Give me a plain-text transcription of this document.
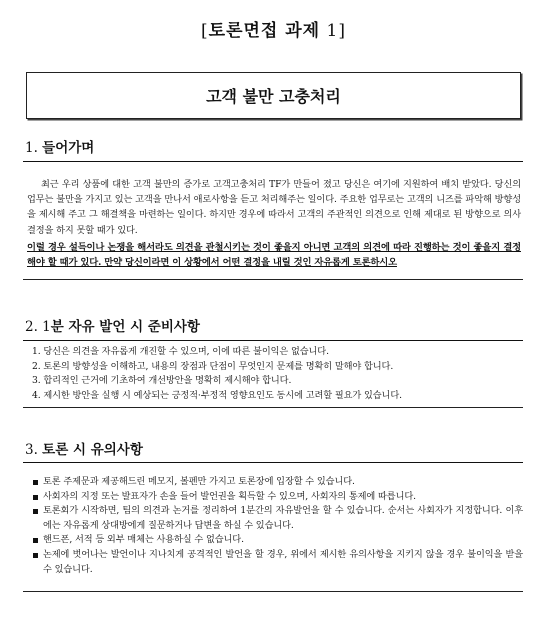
[토론면접 과제 1]
고객 불만 고충처리
1. 들어가며

최근 우리 상품에 대한 고객 불만의 증가로 고객고충처리 TF가 만들어 졌고 당신은 여기에 지원하여 배치 받았다. 당신의 업무는 불만을 가지고 있는 고객을 만나서 애로사항을 듣고 처리해주는 일이다. 주요한 업무로는 고객의 니즈를 파악해 방향성을 제시해 주고 그 해결책을 마련하는 일이다. 하지만 경우에 따라서 고객의 주관적인 의견으로 인해 제대로 된 방향으로 의사결정을 하지 못할 때가 있다.

이럴 경우 설득이나 논쟁을 해서라도 의견을 관철시키는 것이 좋을지 아니면 고객의 의견에 따라 진행하는 것이 좋을지 결정해야 할 때가 있다. 만약 당신이라면 이 상황에서 어떤 결정을 내릴 것인 자유롭게 토론하시오

2. 1분 자유 발언 시 준비사항
1. 당신은 의견을 자유롭게 개진할 수 있으며, 이에 따른 불이익은 없습니다.
2. 토론의 방향성을 이해하고, 내용의 장점과 단점이 무엇인지 문제를 명확히 말해야 합니다.
3. 합리적인 근거에 기초하여 개선방안을 명확히 제시해야 합니다.
4. 제시한 방안을 실행 시 예상되는 긍정적·부정적 영향요인도 동시에 고려할 필요가 있습니다.
3. 토론 시 유의사항
토론 주제문과 제공해드린 메모지, 볼펜만 가지고 토론장에 입장할 수 있습니다.
사회자의 지정 또는 발표자가 손을 들어 발언권을 획득할 수 있으며, 사회자의 통제에 따릅니다.
토론회가 시작하면, 팀의 의견과 논거를 정리하여 1분간의 자유발언을 할 수 있습니다. 순서는 사회자가 지정합니다. 이후에는 자유롭게 상대방에게 질문하거나 답변을 하실 수 있습니다.
핸드폰, 서적 등 외부 매체는 사용하실 수 없습니다.
논제에 벗어나는 발언이나 지나치게 공격적인 발언을 할 경우, 위에서 제시한 유의사항을 지키지 않을 경우 불이익을 받을 수 있습니다.
